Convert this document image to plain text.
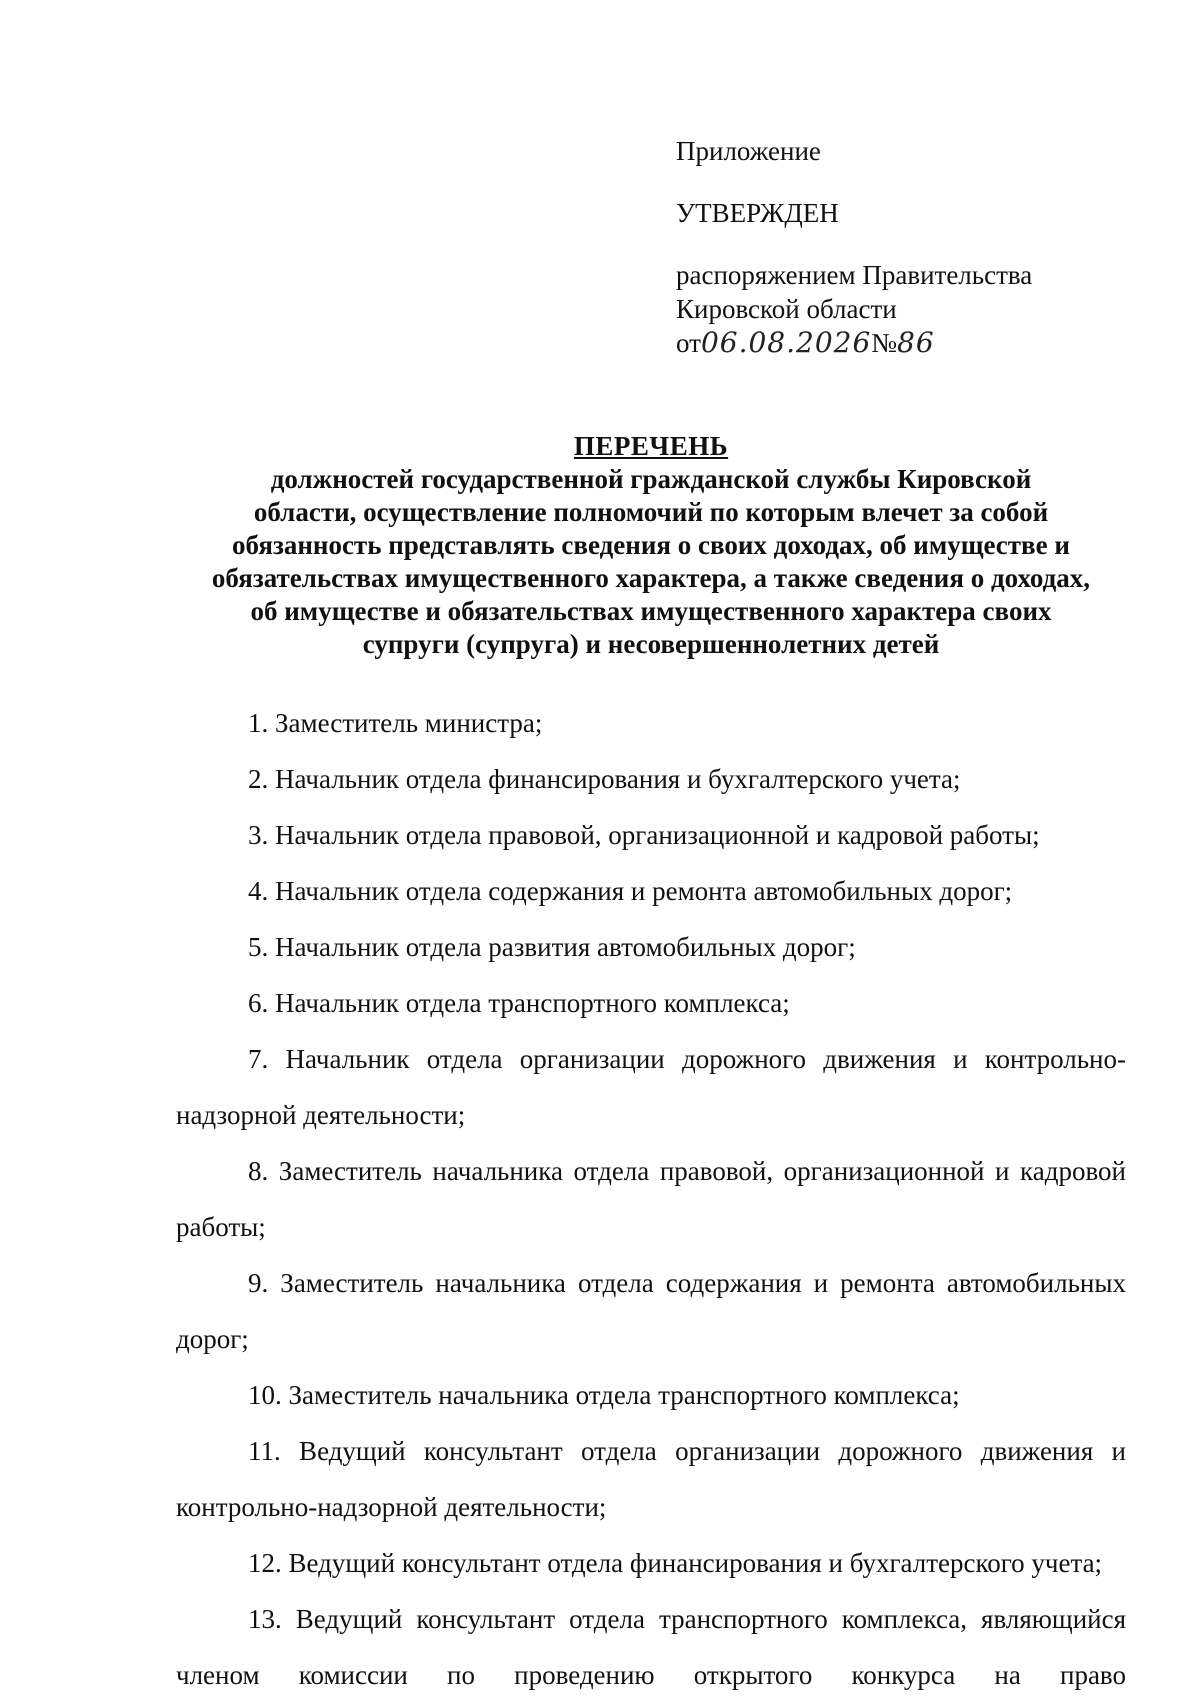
Приложение
УТВЕРЖДЕН
распоряжением Правительства
Кировской области
от06.08.2026№86
ПЕРЕЧЕНЬ
должностей государственной гражданской службы Кировской
области, осуществление полномочий по которым влечет за собой
обязанность представлять сведения о своих доходах, об имуществе и
обязательствах имущественного характера, а также сведения о доходах,
об имуществе и обязательствах имущественного характера своих
супруги (супруга) и несовершеннолетних детей

1. Заместитель министра;

2. Начальник отдела финансирования и бухгалтерского учета;

3. Начальник отдела правовой, организационной и кадровой работы;

4. Начальник отдела содержания и ремонта автомобильных дорог;

5. Начальник отдела развития автомобильных дорог;

6. Начальник отдела транспортного комплекса;

7. Начальник отдела организации дорожного движения и контрольно-надзорной деятельности;

8. Заместитель начальника отдела правовой, организационной и кадровой работы;

9. Заместитель начальника отдела содержания и ремонта автомобильных дорог;

10. Заместитель начальника отдела транспортного комплекса;

11. Ведущий консультант отдела организации дорожного движения и контрольно-надзорной деятельности;

12. Ведущий консультант отдела финансирования и бухгалтерского учета;

13. Ведущий консультант отдела транспортного комплекса, являющийся членом комиссии по проведению открытого конкурса на право
